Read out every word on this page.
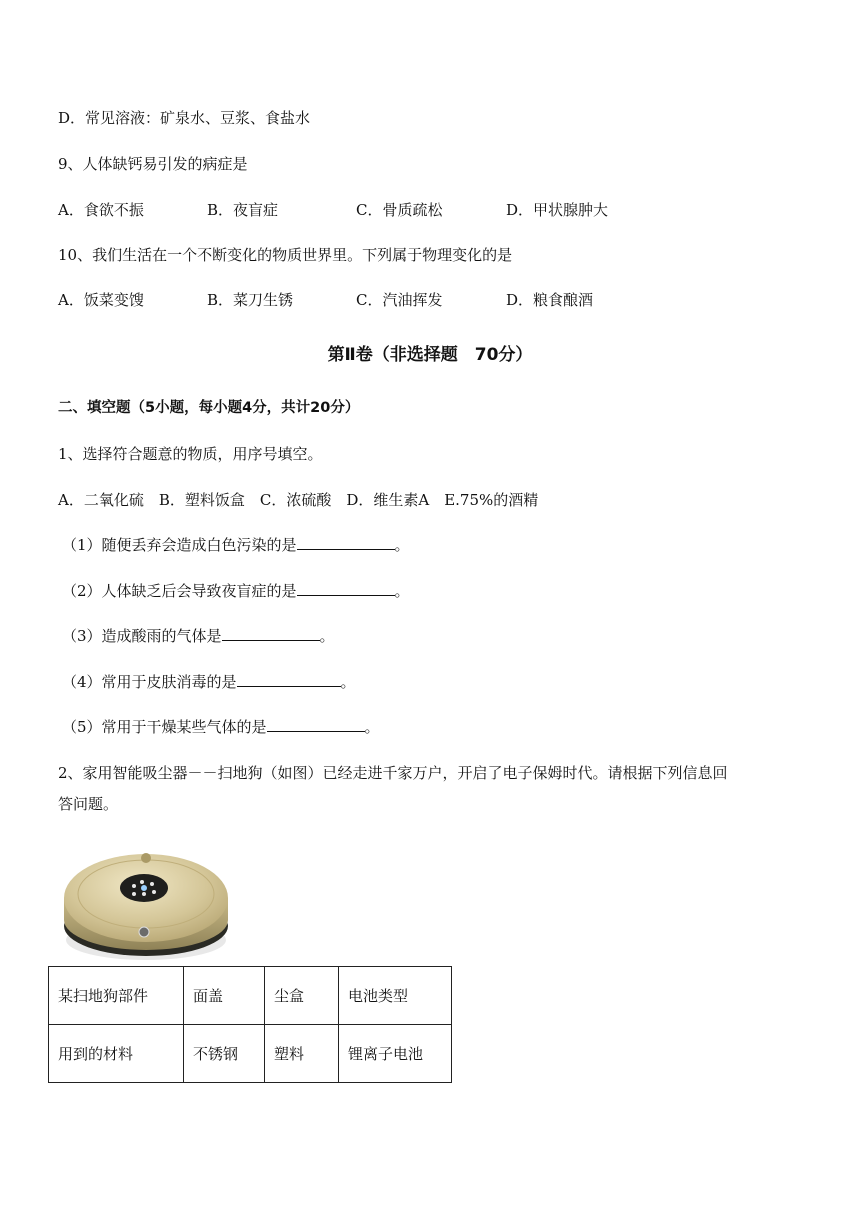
D．常见溶液：矿泉水、豆浆、食盐水
9、人体缺钙易引发的病症是
A．食欲不振	B．夜盲症	C．骨质疏松	D．甲状腺肿大
10、我们生活在一个不断变化的物质世界里。下列属于物理变化的是
A．饭菜变馊	B．菜刀生锈	C．汽油挥发	D．粮食酿酒
第Ⅱ卷（非选择题　70分）
二、填空题（5小题，每小题4分，共计20分）
1、选择符合题意的物质，用序号填空。
A．二氧化硫　B．塑料饭盒　C．浓硫酸　D．维生素A　E.75%的酒精
（1）随便丢弃会造成白色污染的是	。
（2）人体缺乏后会导致夜盲症的是	。
（3）造成酸雨的气体是	。
（4）常用于皮肤消毒的是	。
（5）常用于干燥某些气体的是	。
2、家用智能吸尘器－－扫地狗（如图）已经走进千家万户，开启了电子保姆时代。请根据下列信息回
答问题。
某扫地狗部件	面盖	尘盒	电池类型
用到的材料	不锈钢	塑料	锂离子电池
